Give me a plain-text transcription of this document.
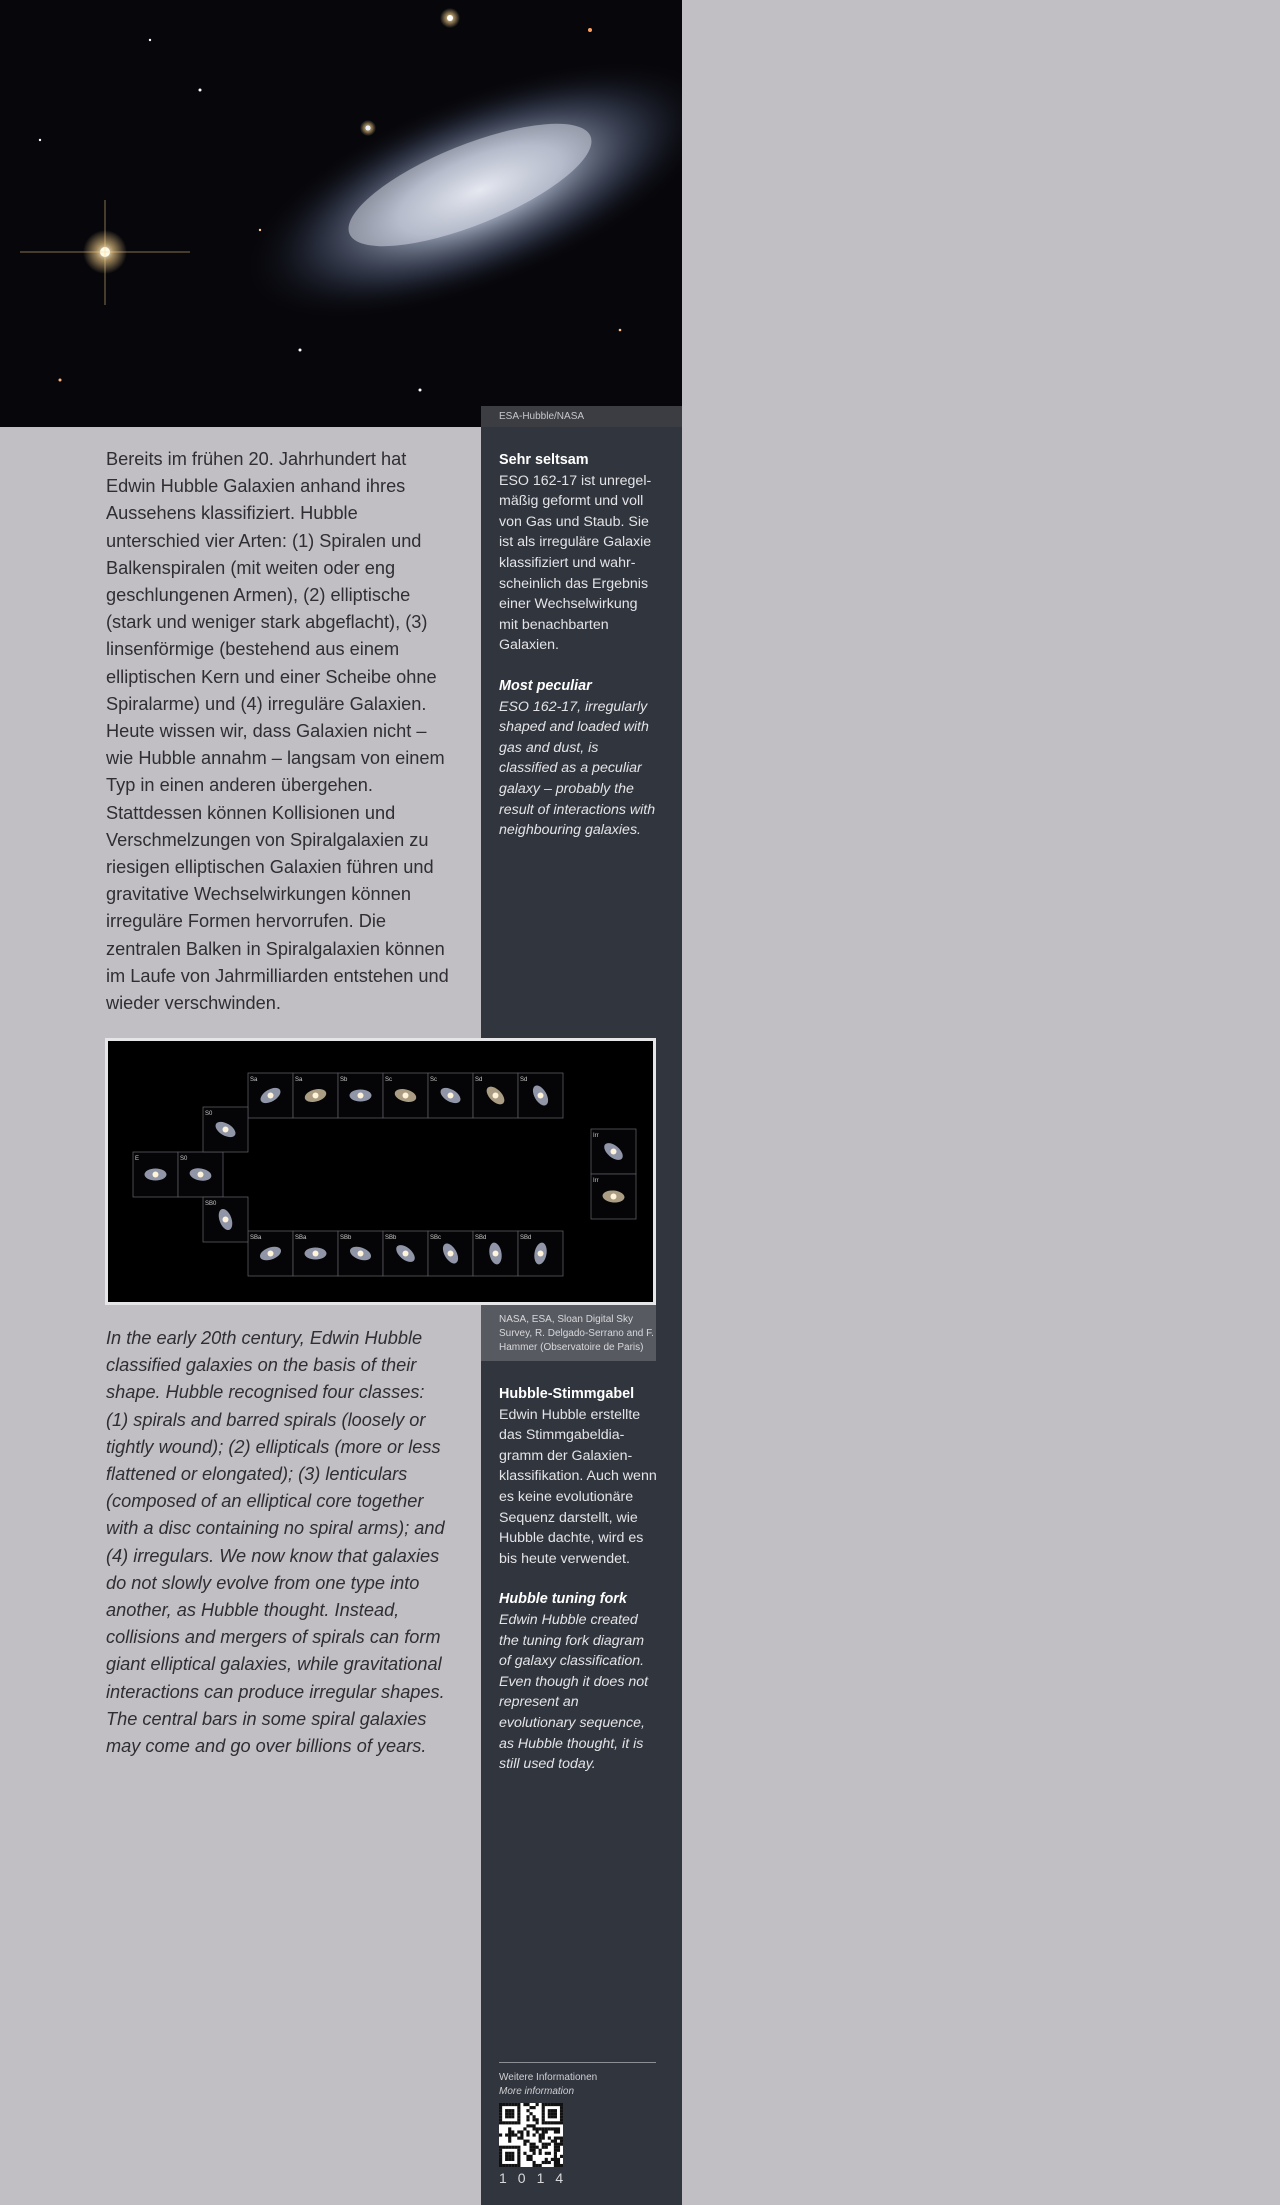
ESA-Hubble/NASA

Bereits im frühen 20. Jahrhundert hat Edwin Hubble Galaxien anhand ihres Aussehens klassifiziert. Hubble unterschied vier Arten: (1) Spiralen und Balkenspiralen (mit weiten oder eng geschlungenen Armen), (2) elliptische (stark und weniger stark abgeflacht), (3) linsenförmige (bestehend aus einem elliptischen Kern und einer Scheibe ohne Spiralarme) und (4) irreguläre Galaxien. Heute wissen wir, dass Galaxien nicht – wie Hubble annahm – langsam von einem Typ in einen anderen übergehen. Stattdessen können Kollisionen und Verschmelzungen von Spiralgalaxien zu riesigen elliptischen Galaxien führen und gravitative Wechselwirkungen können irreguläre Formen hervorrufen. Die zentralen Balken in Spiralgalaxien können im Laufe von Jahrmilliarden entstehen und wieder verschwinden.

Sehr seltsam

ESO 162-17 ist unregelmäßig geformt und voll von Gas und Staub. Sie ist als irreguläre Galaxie klassifiziert und wahrscheinlich das Ergebnis einer Wechselwirkung mit benachbarten Galaxien.

Most peculiar

ESO 162-17, irregularly shaped and loaded with gas and dust, is classified as a peculiar galaxy – probably the result of interactions with neighbouring galaxies.

Sa	Sa	Sb	Sc	Sc	Sd	Sd
SBa	SBa	SBb	SBb	SBc	SBd	SBd
E	S0
S0
SB0
Irr
Irr
NASA, ESA, Sloan Digital Sky Survey, R. Delgado-Serrano and F. Hammer (Observatoire de Paris)

In the early 20th century, Edwin Hubble classified galaxies on the basis of their shape. Hubble recognised four classes: (1) spirals and barred spirals (loosely or tightly wound); (2) ellipticals (more or less flattened or elongated); (3) lenticulars (composed of an elliptical core together with a disc containing no spiral arms); and (4) irregulars. We now know that galaxies do not slowly evolve from one type into another, as Hubble thought. Instead, collisions and mergers of spirals can form giant elliptical galaxies, while gravitational interactions can produce irregular shapes. The central bars in some spiral galaxies may come and go over billions of years.

Hubble-Stimmgabel

Edwin Hubble erstellte das Stimmgabeldiagramm der Galaxienklassifikation. Auch wenn es keine evolutionäre Sequenz darstellt, wie Hubble dachte, wird es bis heute verwendet.

Hubble tuning fork

Edwin Hubble created the tuning fork diagram of galaxy classification. Even though it does not represent an evolutionary sequence, as Hubble thought, it is still used today.

Weitere Informationen
More information
1014
